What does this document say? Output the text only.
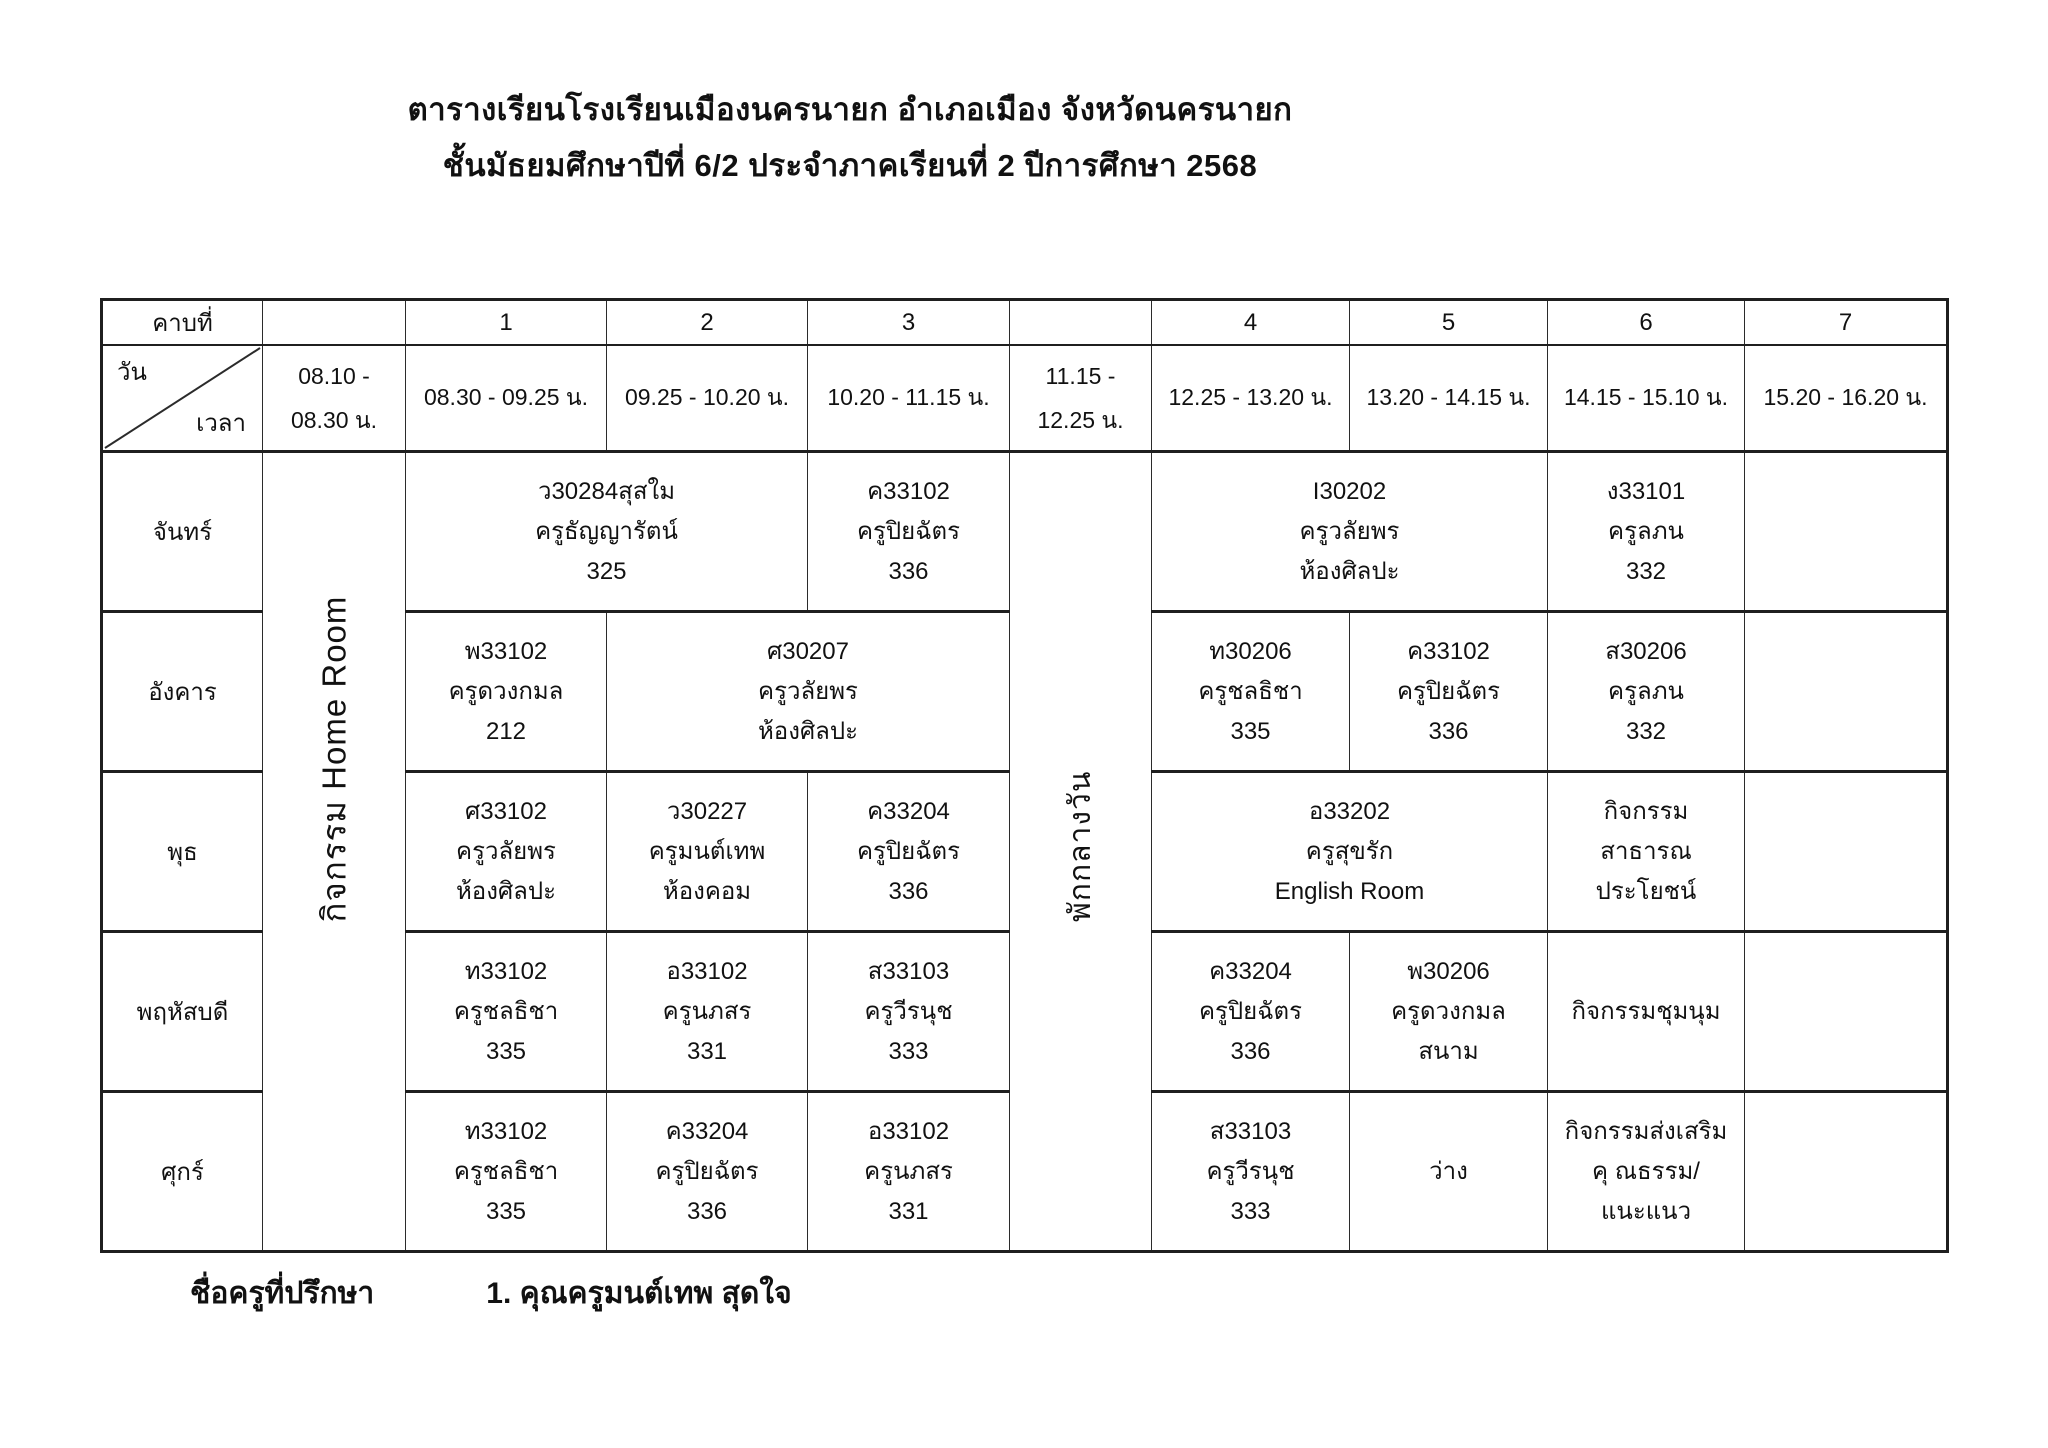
ตารางเรียนโรงเรียนเมืองนครนายก อำเภอเมือง จังหวัดนครนายก
ชั้นมัธยมศึกษาปีที่ 6/2 ประจำภาคเรียนที่ 2 ปีการศึกษา 2568
คาบที่		1	2	3		4	5	6	7

วัน
เวลา	08.10 -
08.30 น.	08.30 - 09.25 น.	09.25 - 10.20 น.	10.20 - 11.15 น.	11.15 -
12.25 น.	12.25 - 13.20 น.	13.20 - 14.15 น.	14.15 - 15.10 น.	15.20 - 16.20 น.
จันทร์	กิจกรรม Home Room	ว30284สุสใม
ครูธัญญารัตน์
325		ค33102
ครูปิยฉัตร
336	พักกลางวัน	I30202
ครูวลัยพร
ห้องศิลปะ		ง33101
ครูลภน
332	

อังคาร		พ33102
ครูดวงกมล
212	ศ30207
ครูวลัยพร
ห้องศิลปะ			ท30206
ครูชลธิชา
335	ค33102
ครูปิยฉัตร
336	ส30206
ครูลภน
332	

พุธ		ศ33102
ครูวลัยพร
ห้องศิลปะ	ว30227
ครูมนต์เทพ
ห้องคอม	ค33204
ครูปิยฉัตร
336		อ33202
ครูสุขรัก
English Room		กิจกรรม
สาธารณ
ประโยชน์	

พฤหัสบดี		ท33102
ครูชลธิชา
335	อ33102
ครูนภสร
331	ส33103
ครูวีรนุช
333		ค33204
ครูปิยฉัตร
336	พ30206
ครูดวงกมล
สนาม	กิจกรรมชุมนุม	

ศุกร์		ท33102
ครูชลธิชา
335	ค33204
ครูปิยฉัตร
336	อ33102
ครูนภสร
331		ส33103
ครูวีรนุช
333	ว่าง	กิจกรรมส่งเสริม
คุ ณธรรม/
แนะแนว	

ชื่อครูที่ปรึกษา	1. คุณครูมนต์เทพ สุดใจ
